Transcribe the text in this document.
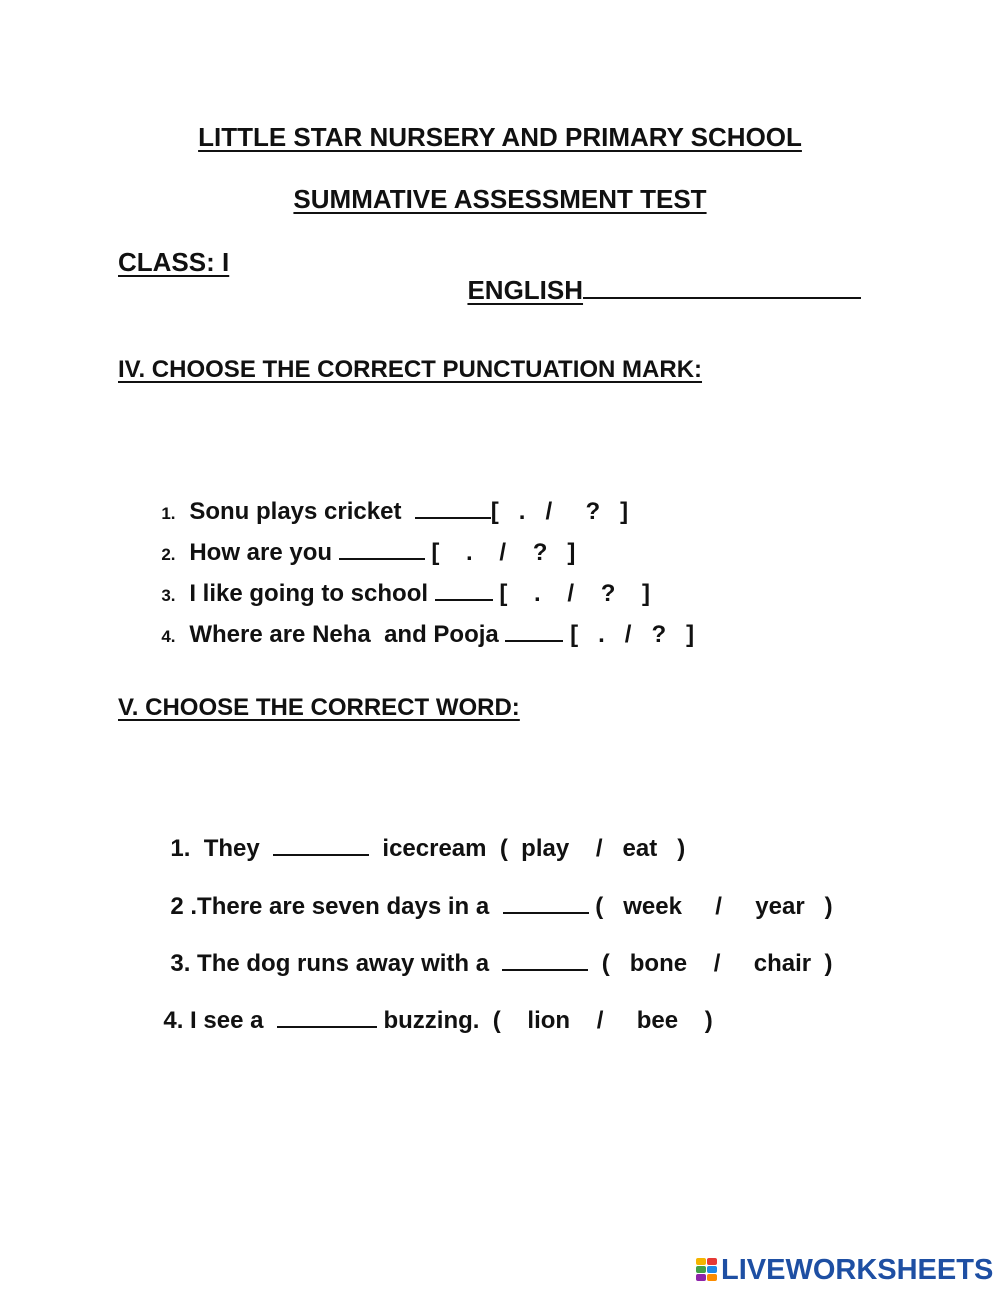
LITTLE STAR NURSERY AND PRIMARY SCHOOL
SUMMATIVE ASSESSMENT TEST
CLASS: I

ENGLISH

IV. CHOOSE THE CORRECT PUNCTUATION MARK:

1. Sonu plays cricket	[   .   /     ?   ]

2. How are you	[    .    /    ?   ]

3. I like going to school	[    .    /    ?    ]

4. Where are Neha  and Pooja	[   .   /   ?   ]

V. CHOOSE THE CORRECT WORD:

1. They	icecream  (  play    /   eat   )

2 .There are seven days in a	(   week     /     year   )

3. The dog runs away with a	(   bone    /     chair  )

4. I see a	buzzing.  (    lion    /     bee    )

LIVEWORKSHEETS
